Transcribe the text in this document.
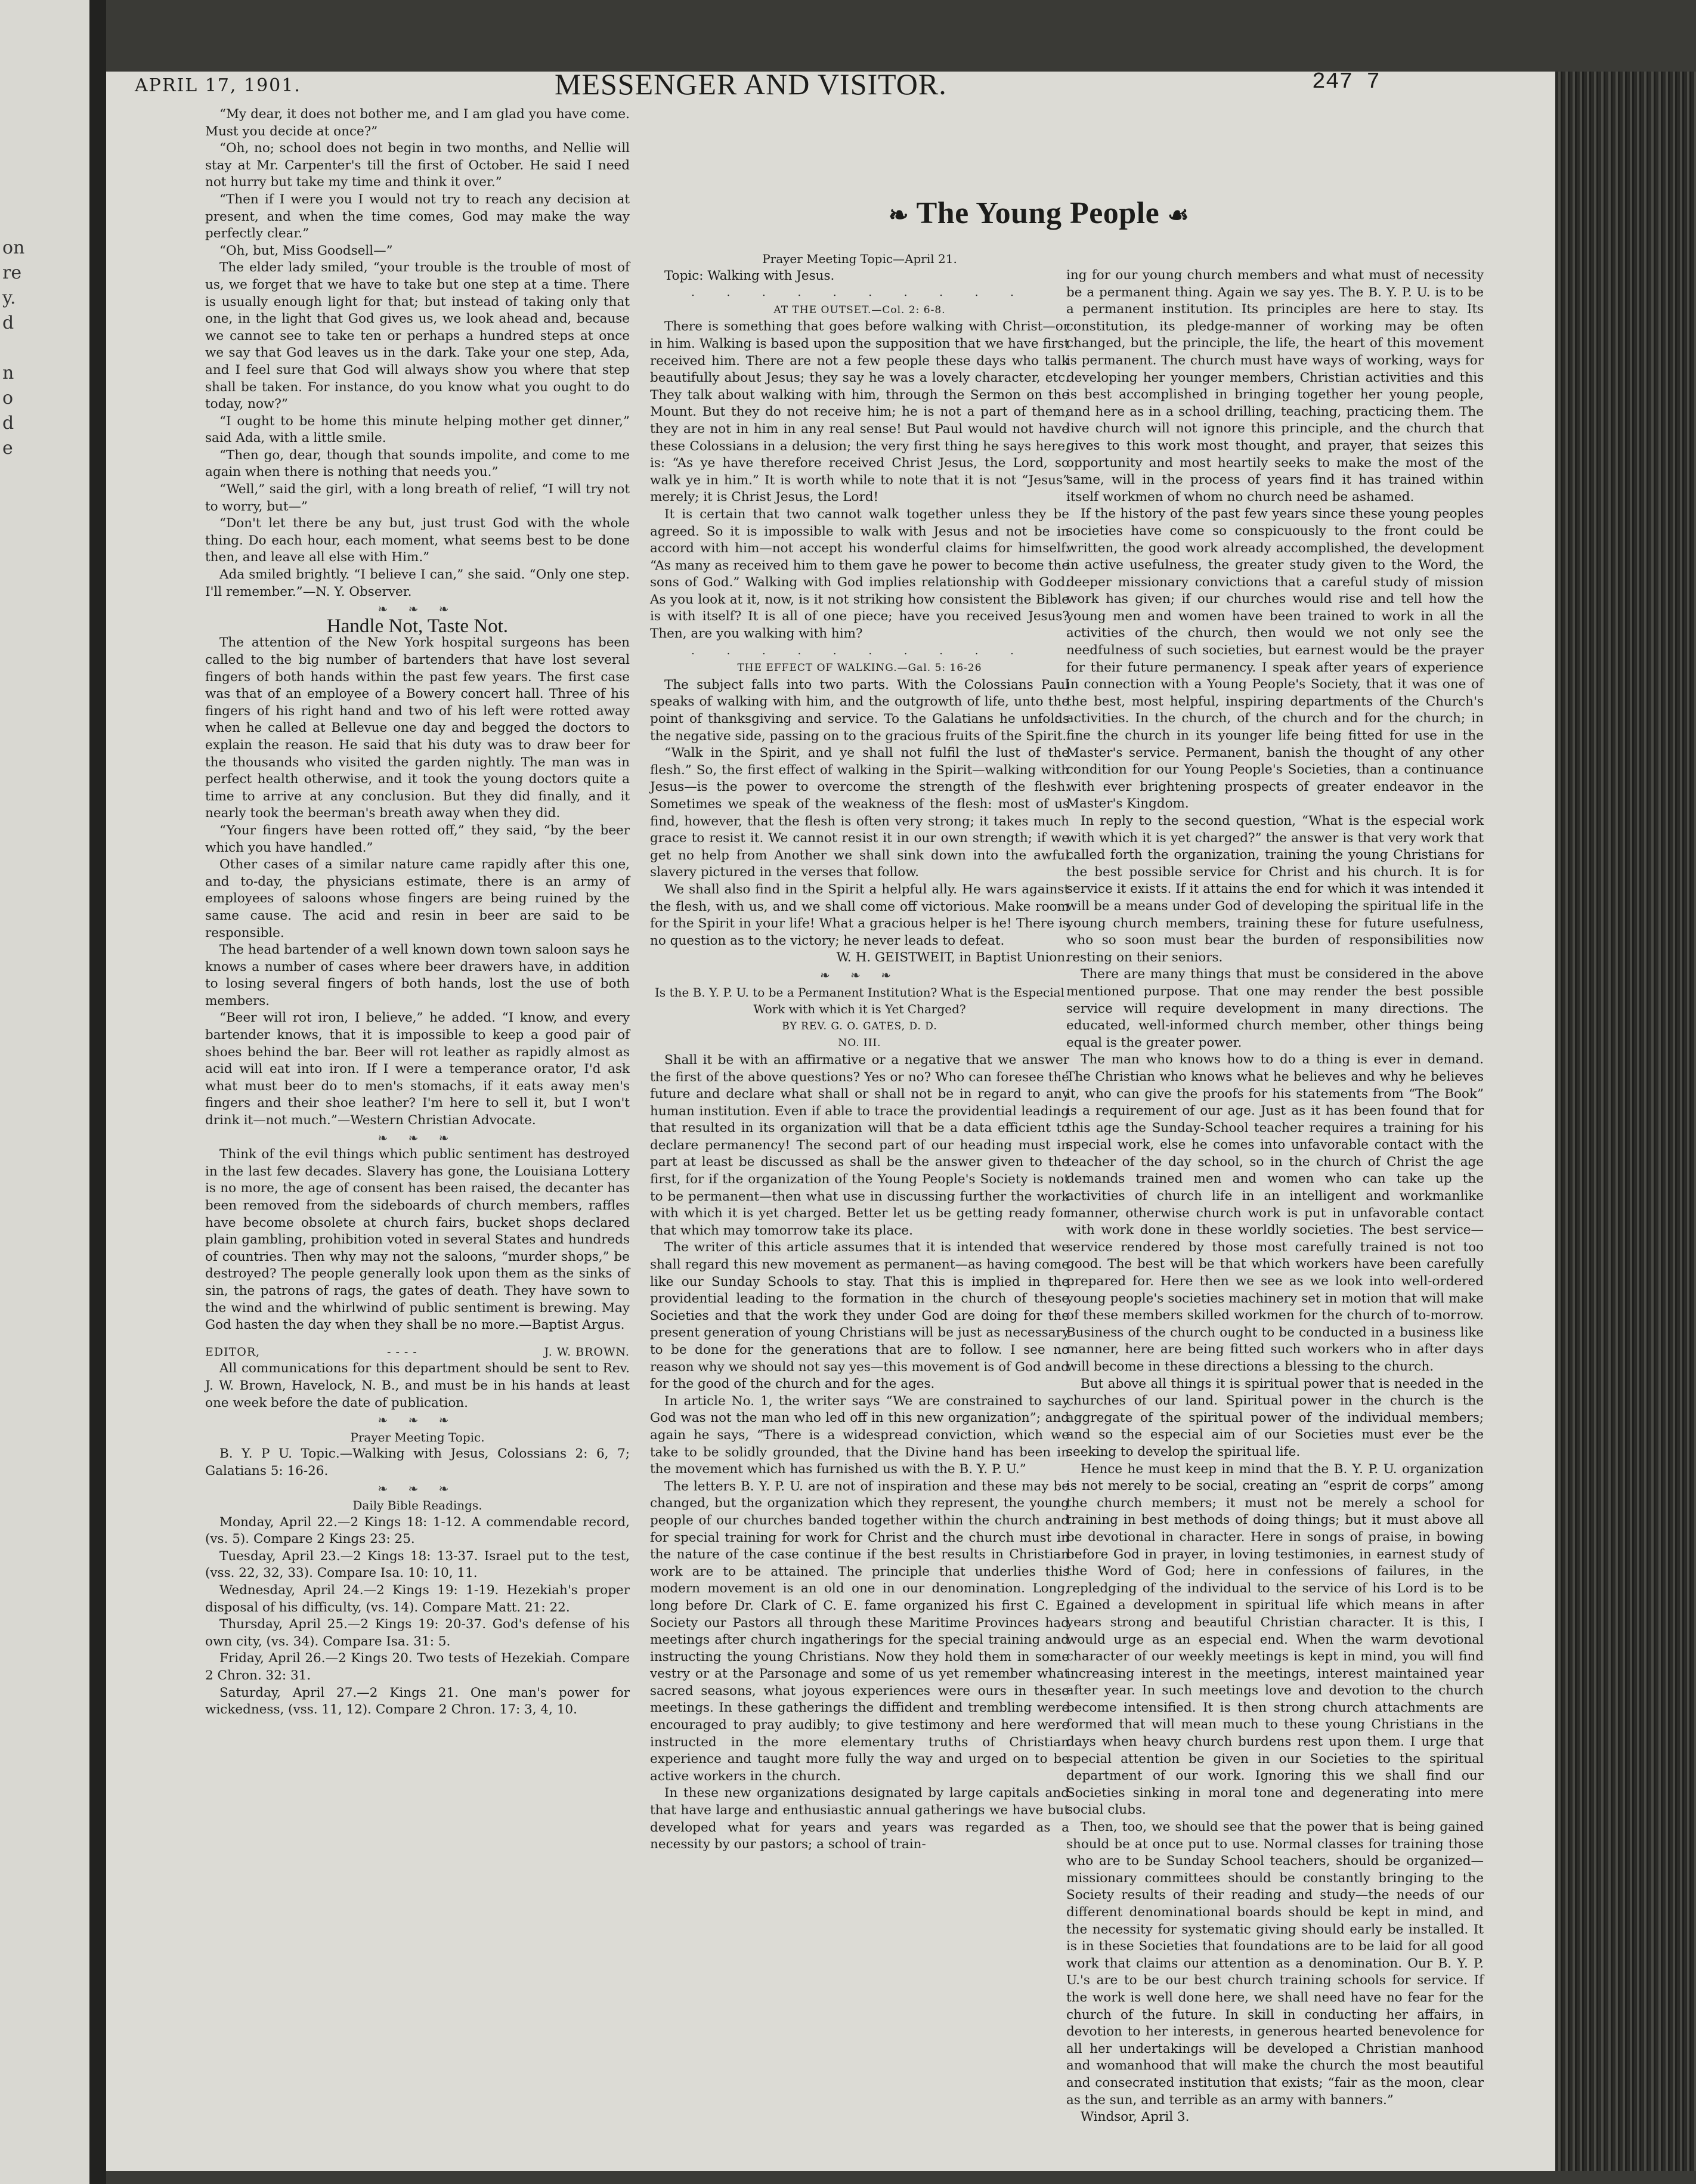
on
re
y.
d
n
o
d
e
APRIL 17, 1901.	MESSENGER AND VISITOR.	247 7
❧ The Young People ☙

“My dear, it does not bother me, and I am glad you have come. Must you decide at once?”

“Oh, no; school does not begin in two months, and Nellie will stay at Mr. Carpenter's till the first of October. He said I need not hurry but take my time and think it over.”

“Then if I were you I would not try to reach any decision at present, and when the time comes, God may make the way perfectly clear.”

“Oh, but, Miss Goodsell—”

The elder lady smiled, “your trouble is the trouble of most of us, we forget that we have to take but one step at a time. There is usually enough light for that; but instead of taking only that one, in the light that God gives us, we look ahead and, because we cannot see to take ten or perhaps a hundred steps at once we say that God leaves us in the dark. Take your one step, Ada, and I feel sure that God will always show you where that step shall be taken. For instance, do you know what you ought to do today, now?”

“I ought to be home this minute helping mother get dinner,” said Ada, with a little smile.

“Then go, dear, though that sounds impolite, and come to me again when there is nothing that needs you.”

“Well,” said the girl, with a long breath of relief, “I will try not to worry, but—”

“Don't let there be any but, just trust God with the whole thing. Do each hour, each moment, what seems best to be done then, and leave all else with Him.”

Ada smiled brightly. “I believe I can,” she said. “Only one step. I'll remember.”—N. Y. Observer.

❧ ❧ ❧

Handle Not, Taste Not.

The attention of the New York hospital surgeons has been called to the big number of bartenders that have lost several fingers of both hands within the past few years. The first case was that of an employee of a Bowery concert hall. Three of his fingers of his right hand and two of his left were rotted away when he called at Bellevue one day and begged the doctors to explain the reason. He said that his duty was to draw beer for the thousands who visited the garden nightly. The man was in perfect health otherwise, and it took the young doctors quite a time to arrive at any conclusion. But they did finally, and it nearly took the beerman's breath away when they did.

“Your fingers have been rotted off,” they said, “by the beer which you have handled.”

Other cases of a similar nature came rapidly after this one, and to-day, the physicians estimate, there is an army of employees of saloons whose fingers are being ruined by the same cause. The acid and resin in beer are said to be responsible.

The head bartender of a well known down town saloon says he knows a number of cases where beer drawers have, in addition to losing several fingers of both hands, lost the use of both members.

“Beer will rot iron, I believe,” he added. “I know, and every bartender knows, that it is impossible to keep a good pair of shoes behind the bar. Beer will rot leather as rapidly almost as acid will eat into iron. If I were a temperance orator, I'd ask what must beer do to men's stomachs, if it eats away men's fingers and their shoe leather? I'm here to sell it, but I won't drink it—not much.”—Western Christian Advocate.

❧ ❧ ❧

Think of the evil things which public sentiment has destroyed in the last few decades. Slavery has gone, the Louisiana Lottery is no more, the age of consent has been raised, the decanter has been removed from the sideboards of church members, raffles have become obsolete at church fairs, bucket shops declared plain gambling, prohibition voted in several States and hundreds of countries. Then why may not the saloons, “murder shops,” be destroyed? The people generally look upon them as the sinks of sin, the patrons of rags, the gates of death. They have sown to the wind and the whirlwind of public sentiment is brewing. May God hasten the day when they shall be no more.—Baptist Argus.

EDITOR,	- - - -	J. W. BROWN.

All communications for this department should be sent to Rev. J. W. Brown, Havelock, N. B., and must be in his hands at least one week before the date of publication.

❧ ❧ ❧

Prayer Meeting Topic.

B. Y. P U. Topic.—Walking with Jesus, Colossians 2: 6, 7; Galatians 5: 16-26.

❧ ❧ ❧

Daily Bible Readings.

Monday, April 22.—2 Kings 18: 1-12. A commendable record, (vs. 5). Compare 2 Kings 23: 25.

Tuesday, April 23.—2 Kings 18: 13-37. Israel put to the test, (vss. 22, 32, 33). Compare Isa. 10: 10, 11.

Wednesday, April 24.—2 Kings 19: 1-19. Hezekiah's proper disposal of his difficulty, (vs. 14). Compare Matt. 21: 22.

Thursday, April 25.—2 Kings 19: 20-37. God's defense of his own city, (vs. 34). Compare Isa. 31: 5.

Friday, April 26.—2 Kings 20. Two tests of Hezekiah. Compare 2 Chron. 32: 31.

Saturday, April 27.—2 Kings 21. One man's power for wickedness, (vss. 11, 12). Compare 2 Chron. 17: 3, 4, 10.

Prayer Meeting Topic—April 21.

Topic: Walking with Jesus.

. . . . . . . . . .

AT THE OUTSET.—Col. 2: 6-8.

There is something that goes before walking with Christ—or in him. Walking is based upon the supposition that we have first received him. There are not a few people these days who talk beautifully about Jesus; they say he was a lovely character, etc. They talk about walking with him, through the Sermon on the Mount. But they do not receive him; he is not a part of them; they are not in him in any real sense! But Paul would not have these Colossians in a delusion; the very first thing he says here, is: “As ye have therefore received Christ Jesus, the Lord, so walk ye in him.” It is worth while to note that it is not “Jesus” merely; it is Christ Jesus, the Lord!

It is certain that two cannot walk together unless they be agreed. So it is impossible to walk with Jesus and not be in accord with him—not accept his wonderful claims for himself. “As many as received him to them gave he power to become the sons of God.” Walking with God implies relationship with God. As you look at it, now, is it not striking how consistent the Bible is with itself? It is all of one piece; have you received Jesus? Then, are you walking with him?

. . . . . . . . . .

THE EFFECT OF WALKING.—Gal. 5: 16-26

The subject falls into two parts. With the Colossians Paul speaks of walking with him, and the outgrowth of life, unto the point of thanksgiving and service. To the Galatians he unfolds the negative side, passing on to the gracious fruits of the Spirit.

“Walk in the Spirit, and ye shall not fulfil the lust of the flesh.” So, the first effect of walking in the Spirit—walking with Jesus—is the power to overcome the strength of the flesh. Sometimes we speak of the weakness of the flesh: most of us find, however, that the flesh is often very strong; it takes much grace to resist it. We cannot resist it in our own strength; if we get no help from Another we shall sink down into the awful slavery pictured in the verses that follow.

We shall also find in the Spirit a helpful ally. He wars against the flesh, with us, and we shall come off victorious. Make room for the Spirit in your life! What a gracious helper is he! There is no question as to the victory; he never leads to defeat.

W. H. GEISTWEIT, in Baptist Union.

❧ ❧ ❧

Is the B. Y. P. U. to be a Permanent Institution? What is the Especial Work with which it is Yet Charged?

BY REV. G. O. GATES, D. D.

NO. III.

Shall it be with an affirmative or a negative that we answer the first of the above questions? Yes or no? Who can foresee the future and declare what shall or shall not be in regard to any human institution. Even if able to trace the providential leading that resulted in its organization will that be a data efficient to declare permanency! The second part of our heading must in part at least be discussed as shall be the answer given to the first, for if the organization of the Young People's Society is not to be permanent—then what use in discussing further the work with which it is yet charged. Better let us be getting ready for that which may tomorrow take its place.

The writer of this article assumes that it is intended that we shall regard this new movement as permanent—as having come like our Sunday Schools to stay. That this is implied in the providential leading to the formation in the church of these Societies and that the work they under God are doing for the present generation of young Christians will be just as necessary to be done for the generations that are to follow. I see no reason why we should not say yes—this movement is of God and for the good of the church and for the ages.

In article No. 1, the writer says “We are constrained to say God was not the man who led off in this new organization”; and again he says, “There is a widespread conviction, which we take to be solidly grounded, that the Divine hand has been in the movement which has furnished us with the B. Y. P. U.”

The letters B. Y. P. U. are not of inspiration and these may be changed, but the organization which they represent, the young people of our churches banded together within the church and for special training for work for Christ and the church must in the nature of the case continue if the best results in Christian work are to be attained. The principle that underlies this modern movement is an old one in our denomination. Long, long before Dr. Clark of C. E. fame organized his first C. E. Society our Pastors all through these Maritime Provinces had meetings after church ingatherings for the special training and instructing the young Christians. Now they hold them in some vestry or at the Parsonage and some of us yet remember what sacred seasons, what joyous experiences were ours in these meetings. In these gatherings the diffident and trembling were encouraged to pray audibly; to give testimony and here were instructed in the more elementary truths of Christian experience and taught more fully the way and urged on to be active workers in the church.

In these new organizations designated by large capitals and that have large and enthusiastic annual gatherings we have but developed what for years and years was regarded as a necessity by our pastors; a school of train-

ing for our young church members and what must of necessity be a permanent thing. Again we say yes. The B. Y. P. U. is to be a permanent institution. Its principles are here to stay. Its constitution, its pledge-manner of working may be often changed, but the principle, the life, the heart of this movement is permanent. The church must have ways of working, ways for developing her younger members, Christian activities and this is best accomplished in bringing together her young people, and here as in a school drilling, teaching, practicing them. The live church will not ignore this principle, and the church that gives to this work most thought, and prayer, that seizes this opportunity and most heartily seeks to make the most of the same, will in the process of years find it has trained within itself workmen of whom no church need be ashamed.

If the history of the past few years since these young peoples societies have come so conspicuously to the front could be written, the good work already accomplished, the development in active usefulness, the greater study given to the Word, the deeper missionary convictions that a careful study of mission work has given; if our churches would rise and tell how the young men and women have been trained to work in all the activities of the church, then would we not only see the needfulness of such societies, but earnest would be the prayer for their future permanency. I speak after years of experience in connection with a Young People's Society, that it was one of the best, most helpful, inspiring departments of the Church's activities. In the church, of the church and for the church; in fine the church in its younger life being fitted for use in the Master's service. Permanent, banish the thought of any other condition for our Young People's Societies, than a continuance with ever brightening prospects of greater endeavor in the Master's Kingdom.

In reply to the second question, “What is the especial work with which it is yet charged?” the answer is that very work that called forth the organization, training the young Christians for the best possible service for Christ and his church. It is for service it exists. If it attains the end for which it was intended it will be a means under God of developing the spiritual life in the young church members, training these for future usefulness, who so soon must bear the burden of responsibilities now resting on their seniors.

There are many things that must be considered in the above mentioned purpose. That one may render the best possible service will require development in many directions. The educated, well-informed church member, other things being equal is the greater power.

The man who knows how to do a thing is ever in demand. The Christian who knows what he believes and why he believes it, who can give the proofs for his statements from “The Book” is a requirement of our age. Just as it has been found that for this age the Sunday-School teacher requires a training for his special work, else he comes into unfavorable contact with the teacher of the day school, so in the church of Christ the age demands trained men and women who can take up the activities of church life in an intelligent and workmanlike manner, otherwise church work is put in unfavorable contact with work done in these worldly societies. The best service—service rendered by those most carefully trained is not too good. The best will be that which workers have been carefully prepared for. Here then we see as we look into well-ordered young people's societies machinery set in motion that will make of these members skilled workmen for the church of to-morrow. Business of the church ought to be conducted in a business like manner, here are being fitted such workers who in after days will become in these directions a blessing to the church.

But above all things it is spiritual power that is needed in the churches of our land. Spiritual power in the church is the aggregate of the spiritual power of the individual members; and so the especial aim of our Societies must ever be the seeking to develop the spiritual life.

Hence he must keep in mind that the B. Y. P. U. organization is not merely to be social, creating an “esprit de corps” among the church members; it must not be merely a school for training in best methods of doing things; but it must above all be devotional in character. Here in songs of praise, in bowing before God in prayer, in loving testimonies, in earnest study of the Word of God; here in confessions of failures, in the repledging of the individual to the service of his Lord is to be gained a development in spiritual life which means in after years strong and beautiful Christian character. It is this, I would urge as an especial end. When the warm devotional character of our weekly meetings is kept in mind, you will find increasing interest in the meetings, interest maintained year after year. In such meetings love and devotion to the church become intensified. It is then strong church attachments are formed that will mean much to these young Christians in the days when heavy church burdens rest upon them. I urge that special attention be given in our Societies to the spiritual department of our work. Ignoring this we shall find our Societies sinking in moral tone and degenerating into mere social clubs.

Then, too, we should see that the power that is being gained should be at once put to use. Normal classes for training those who are to be Sunday School teachers, should be organized—missionary committees should be constantly bringing to the Society results of their reading and study—the needs of our different denominational boards should be kept in mind, and the necessity for systematic giving should early be installed. It is in these Societies that foundations are to be laid for all good work that claims our attention as a denomination. Our B. Y. P. U.'s are to be our best church training schools for service. If the work is well done here, we shall need have no fear for the church of the future. In skill in conducting her affairs, in devotion to her interests, in generous hearted benevolence for all her undertakings will be developed a Christian manhood and womanhood that will make the church the most beautiful and consecrated institution that exists; “fair as the moon, clear as the sun, and terrible as an army with banners.”

Windsor, April 3.
